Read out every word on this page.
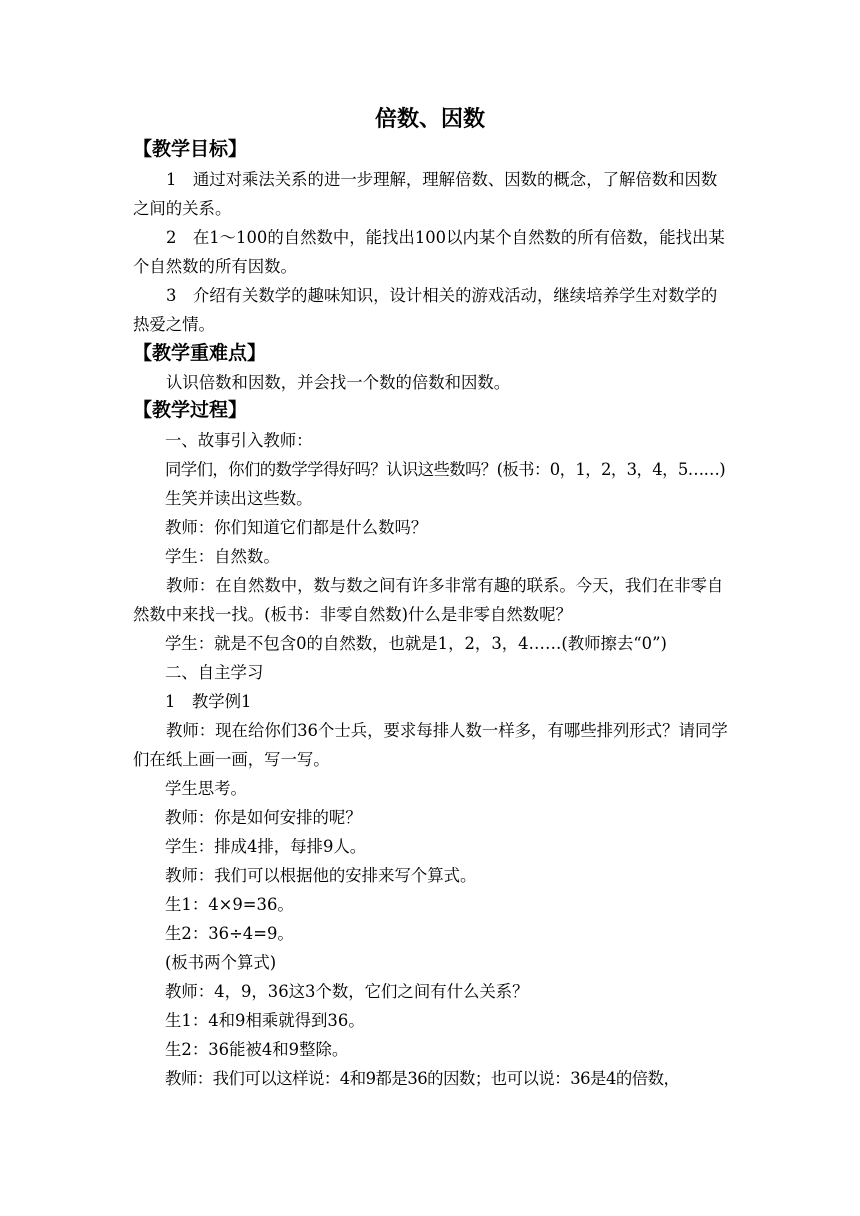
倍数、因数
【教学目标】
1　通过对乘法关系的进一步理解，理解倍数、因数的概念，了解倍数和因数之间的关系。
2　在1～100的自然数中，能找出100以内某个自然数的所有倍数，能找出某个自然数的所有因数。
3　介绍有关数学的趣味知识，设计相关的游戏活动，继续培养学生对数学的热爱之情。
【教学重难点】
认识倍数和因数，并会找一个数的倍数和因数。
【教学过程】
一、故事引入教师：
同学们，你们的数学学得好吗？认识这些数吗？(板书：0，1，2，3，4，5……)
生笑并读出这些数。
教师：你们知道它们都是什么数吗？
学生：自然数。
教师：在自然数中，数与数之间有许多非常有趣的联系。今天，我们在非零自然数中来找一找。(板书：非零自然数)什么是非零自然数呢？
学生：就是不包含0的自然数，也就是1，2，3，4……(教师擦去“0”)
二、自主学习
1　教学例1
教师：现在给你们36个士兵，要求每排人数一样多，有哪些排列形式？请同学们在纸上画一画，写一写。
学生思考。
教师：你是如何安排的呢？
学生：排成4排，每排9人。
教师：我们可以根据他的安排来写个算式。
生1：4×9=36。
生2：36÷4=9。
(板书两个算式)
教师：4，9，36这3个数，它们之间有什么关系？
生1：4和9相乘就得到36。
生2：36能被4和9整除。
教师：我们可以这样说：4和9都是36的因数；也可以说：36是4的倍数，
